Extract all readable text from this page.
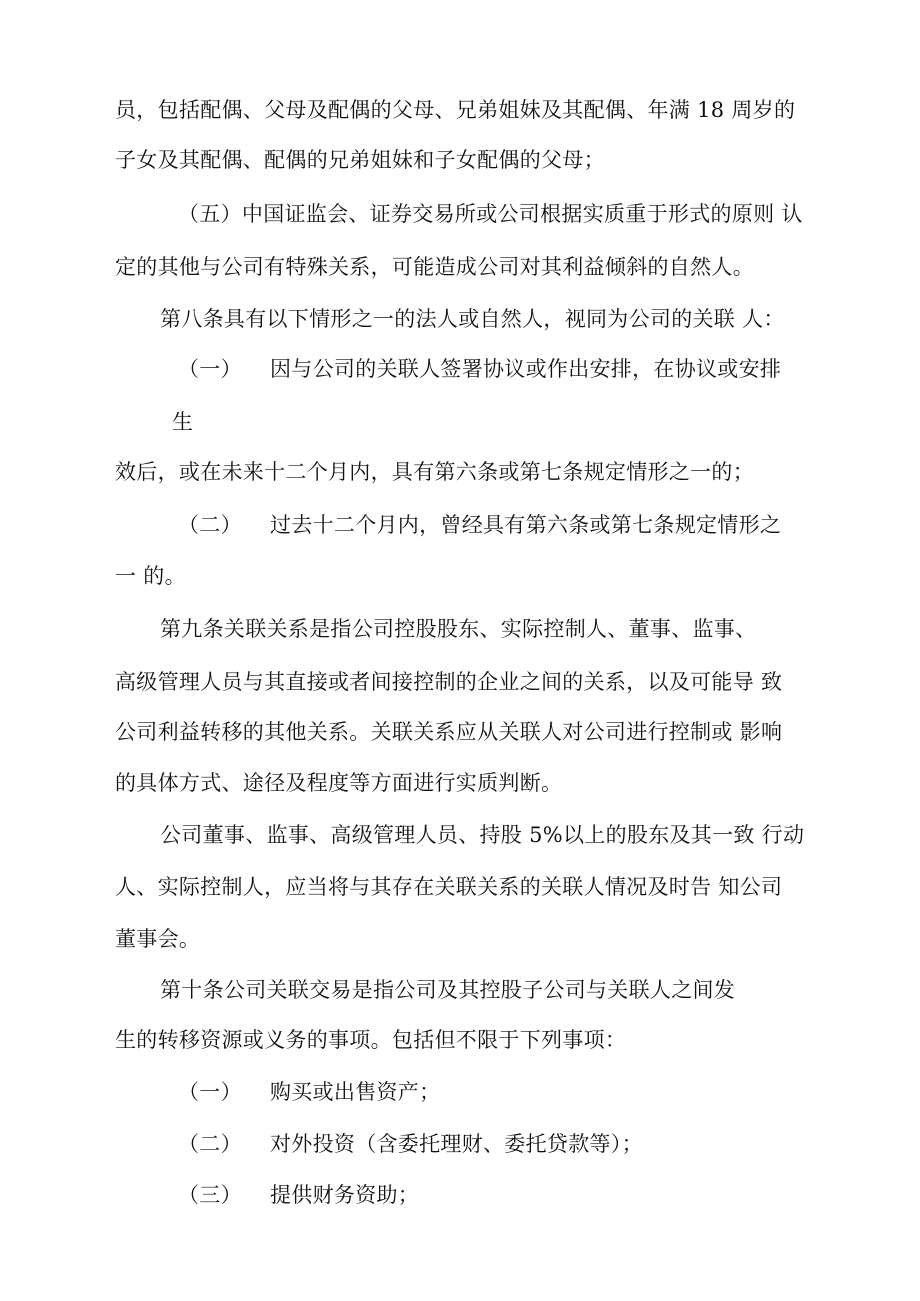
员，包括配偶、父母及配偶的父母、兄弟姐妹及其配偶、年满 18 周岁的
子女及其配偶、配偶的兄弟姐妹和子女配偶的父母；
（五）中国证监会、证券交易所或公司根据实质重于形式的原则 认
定的其他与公司有特殊关系，可能造成公司对其利益倾斜的自然人。
第八条具有以下情形之一的法人或自然人，视同为公司的关联 人：
（一） 因与公司的关联人签署协议或作出安排，在协议或安排
生
效后，或在未来十二个月内，具有第六条或第七条规定情形之一的；
（二） 过去十二个月内，曾经具有第六条或第七条规定情形之
一 的。
第九条关联关系是指公司控股股东、实际控制人、董事、监事、
高级管理人员与其直接或者间接控制的企业之间的关系，以及可能导 致
公司利益转移的其他关系。关联关系应从关联人对公司进行控制或 影响
的具体方式、途径及程度等方面进行实质判断。
公司董事、监事、高级管理人员、持股 5%以上的股东及其一致 行动
人、实际控制人，应当将与其存在关联关系的关联人情况及时告 知公司
董事会。
第十条公司关联交易是指公司及其控股子公司与关联人之间发
生的转移资源或义务的事项。包括但不限于下列事项：
（一） 购买或出售资产；
（二） 对外投资（含委托理财、委托贷款等）；
（三） 提供财务资助；
